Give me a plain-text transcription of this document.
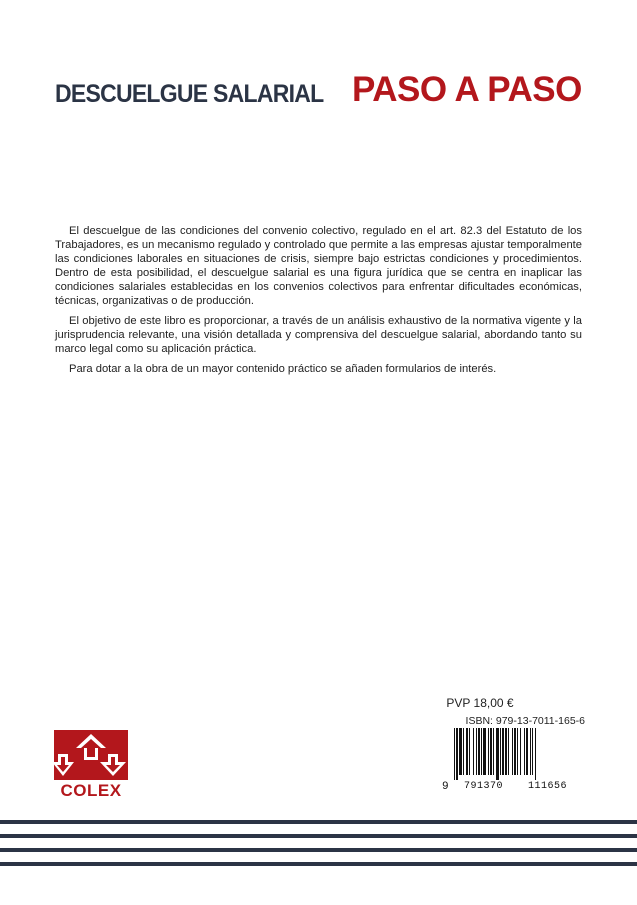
DESCUELGUE SALARIAL PASO A PASO

El descuelgue de las condiciones del convenio colectivo, regulado en el art. 82.3 del Estatuto de los Trabajadores, es un mecanismo regulado y controlado que permite a las empresas ajustar temporalmente las condiciones laborales en situaciones de crisis, siempre bajo estrictas condiciones y procedimientos. Dentro de esta posibilidad, el descuelgue salarial es una figura jurídica que se centra en inaplicar las condiciones salariales establecidas en los convenios colectivos para enfrentar dificultades económicas, técnicas, organizativas o de producción.

El objetivo de este libro es proporcionar, a través de un análisis exhaustivo de la normativa vigente y la jurisprudencia relevante, una visión detallada y comprensiva del descuelgue salarial, abordando tanto su marco legal como su aplicación práctica.

Para dotar a la obra de un mayor contenido práctico se añaden formularios de interés.

PVP 18,00 €
ISBN: 979-13-7011-165-6
9 791370 111656
COLEX
